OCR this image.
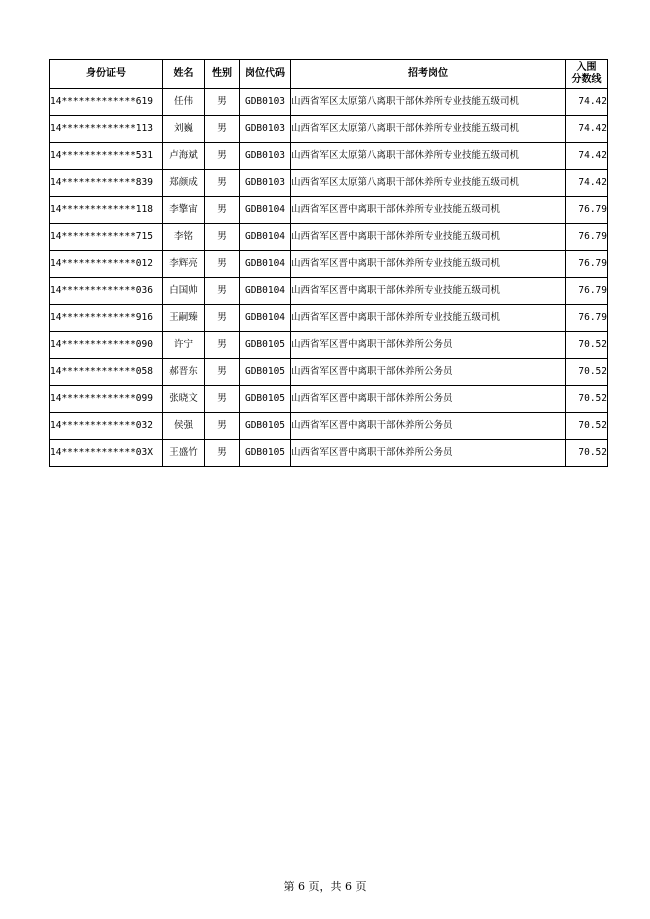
身份证号	姓名	性别	岗位代码	招考岗位	入围
分数线
14*************619	任伟	男	GDB0103	山西省军区太原第八离职干部休养所专业技能五级司机	74.42
14*************113	刘巍	男	GDB0103	山西省军区太原第八离职干部休养所专业技能五级司机	74.42
14*************531	卢海斌	男	GDB0103	山西省军区太原第八离职干部休养所专业技能五级司机	74.42
14*************839	郑颜成	男	GDB0103	山西省军区太原第八离职干部休养所专业技能五级司机	74.42
14*************118	李擎宙	男	GDB0104	山西省军区晋中离职干部休养所专业技能五级司机	76.79
14*************715	李铭	男	GDB0104	山西省军区晋中离职干部休养所专业技能五级司机	76.79
14*************012	李辉亮	男	GDB0104	山西省军区晋中离职干部休养所专业技能五级司机	76.79
14*************036	白国帅	男	GDB0104	山西省军区晋中离职干部休养所专业技能五级司机	76.79
14*************916	王嗣臻	男	GDB0104	山西省军区晋中离职干部休养所专业技能五级司机	76.79
14*************090	许宁	男	GDB0105	山西省军区晋中离职干部休养所公务员	70.52
14*************058	郝晋东	男	GDB0105	山西省军区晋中离职干部休养所公务员	70.52
14*************099	张晓文	男	GDB0105	山西省军区晋中离职干部休养所公务员	70.52
14*************032	侯强	男	GDB0105	山西省军区晋中离职干部休养所公务员	70.52
14*************03X	王盛竹	男	GDB0105	山西省军区晋中离职干部休养所公务员	70.52
第 6 页，共 6 页
